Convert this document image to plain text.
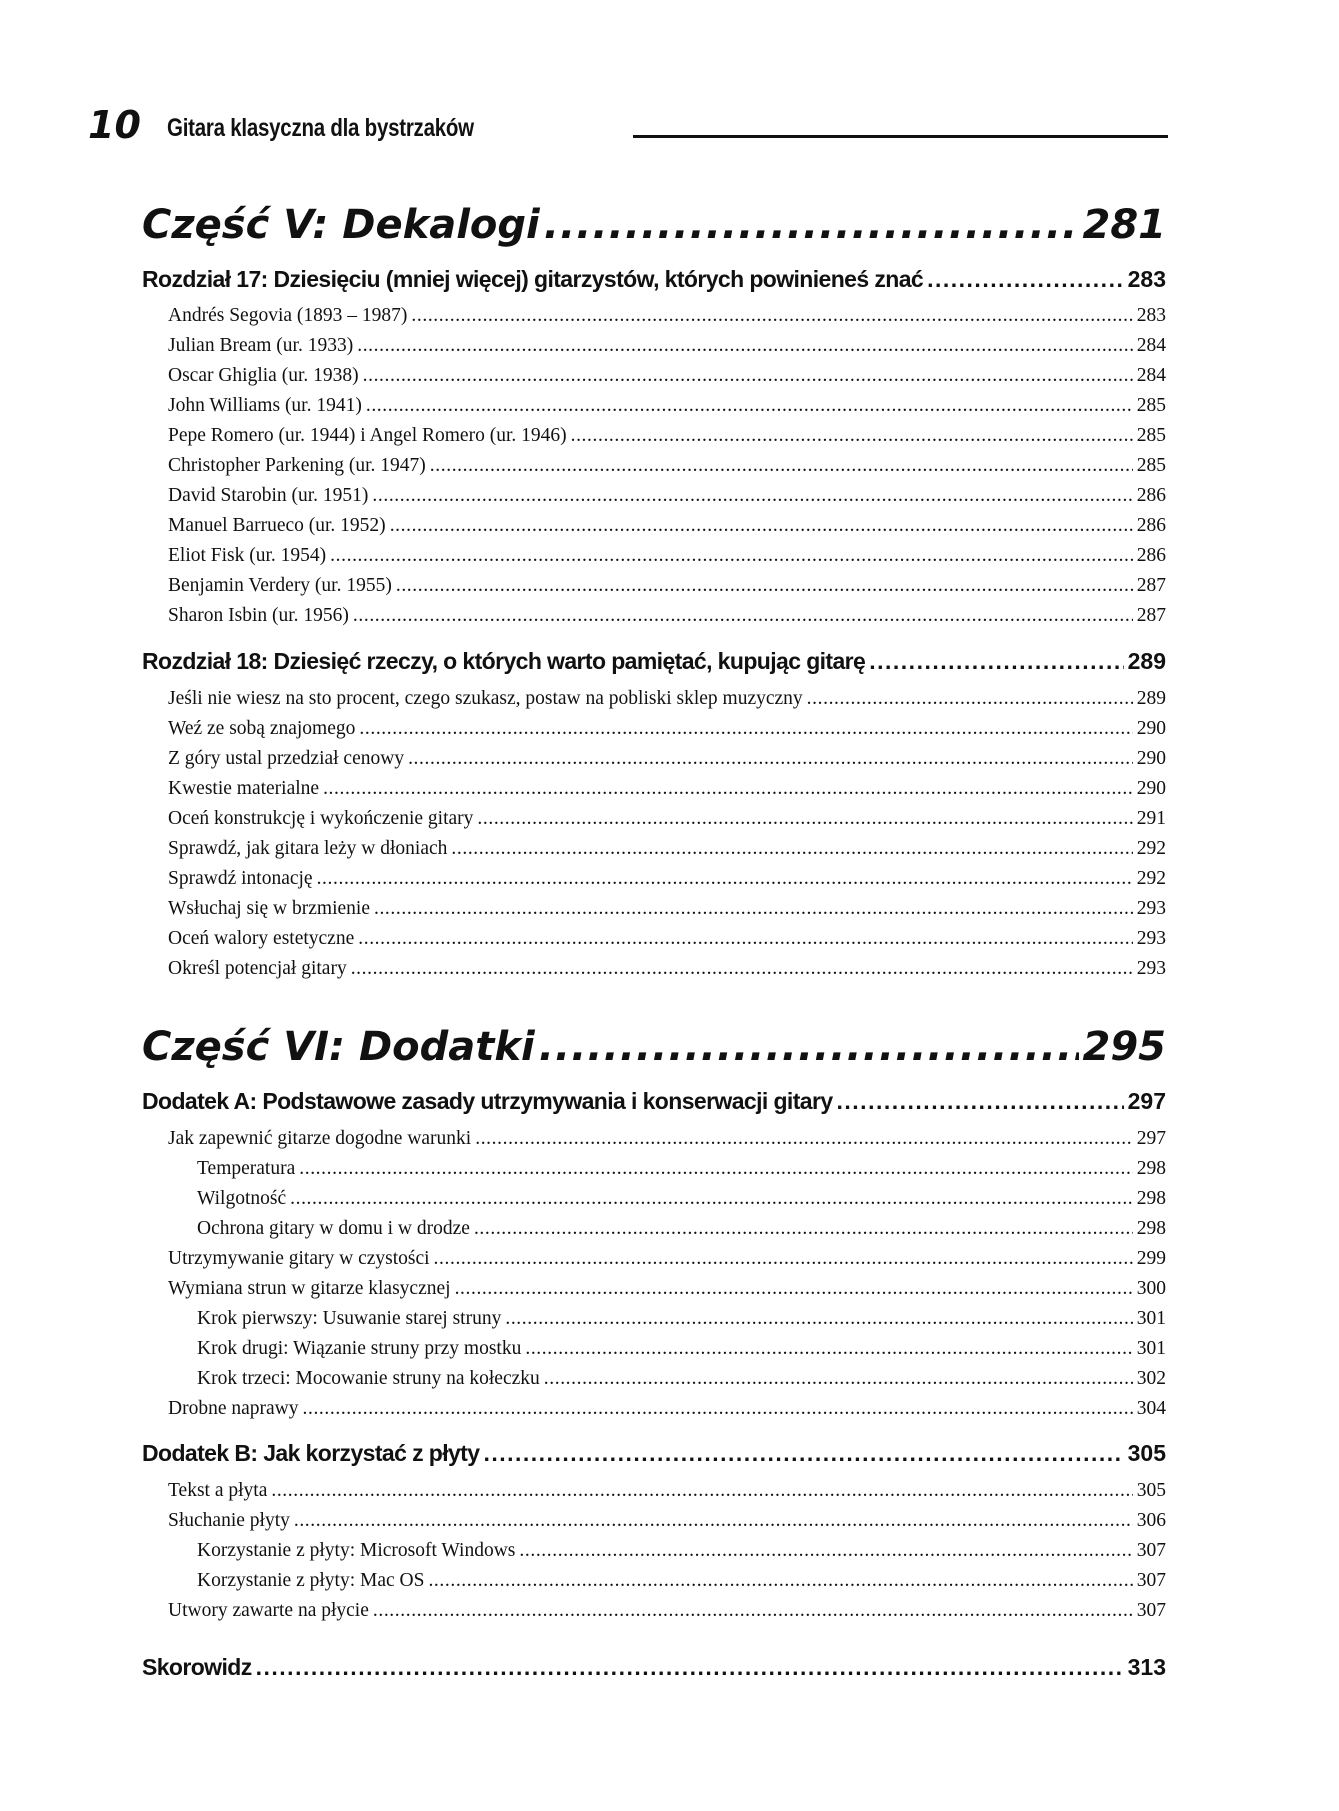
10 Gitara klasyczna dla bystrzaków
Część V: Dekalogi .....	281
Rozdział 17: Dziesięciu (mniej więcej) gitarzystów, których powinieneś znać .....	283
Andrés Segovia (1893 – 1987) .....	283
Julian Bream (ur. 1933) .....	284
Oscar Ghiglia (ur. 1938) .....	284
John Williams (ur. 1941) .....	285
Pepe Romero (ur. 1944) i Angel Romero (ur. 1946) .....	285
Christopher Parkening (ur. 1947) .....	285
David Starobin (ur. 1951) .....	286
Manuel Barrueco (ur. 1952) .....	286
Eliot Fisk (ur. 1954) .....	286
Benjamin Verdery (ur. 1955) .....	287
Sharon Isbin (ur. 1956) .....	287
Rozdział 18: Dziesięć rzeczy, o których warto pamiętać, kupując gitarę .....	289
Jeśli nie wiesz na sto procent, czego szukasz, postaw na pobliski sklep muzyczny .....	289
Weź ze sobą znajomego .....	290
Z góry ustal przedział cenowy .....	290
Kwestie materialne .....	290
Oceń konstrukcję i wykończenie gitary .....	291
Sprawdź, jak gitara leży w dłoniach .....	292
Sprawdź intonację .....	292
Wsłuchaj się w brzmienie .....	293
Oceń walory estetyczne .....	293
Określ potencjał gitary .....	293
Część VI: Dodatki .....	295
Dodatek A: Podstawowe zasady utrzymywania i konserwacji gitary .....	297
Jak zapewnić gitarze dogodne warunki .....	297
Temperatura .....	298
Wilgotność .....	298
Ochrona gitary w domu i w drodze .....	298
Utrzymywanie gitary w czystości .....	299
Wymiana strun w gitarze klasycznej .....	300
Krok pierwszy: Usuwanie starej struny .....	301
Krok drugi: Wiązanie struny przy mostku .....	301
Krok trzeci: Mocowanie struny na kołeczku .....	302
Drobne naprawy .....	304
Dodatek B: Jak korzystać z płyty .....	305
Tekst a płyta .....	305
Słuchanie płyty .....	306
Korzystanie z płyty: Microsoft Windows .....	307
Korzystanie z płyty: Mac OS .....	307
Utwory zawarte na płycie .....	307
Skorowidz .....	313
